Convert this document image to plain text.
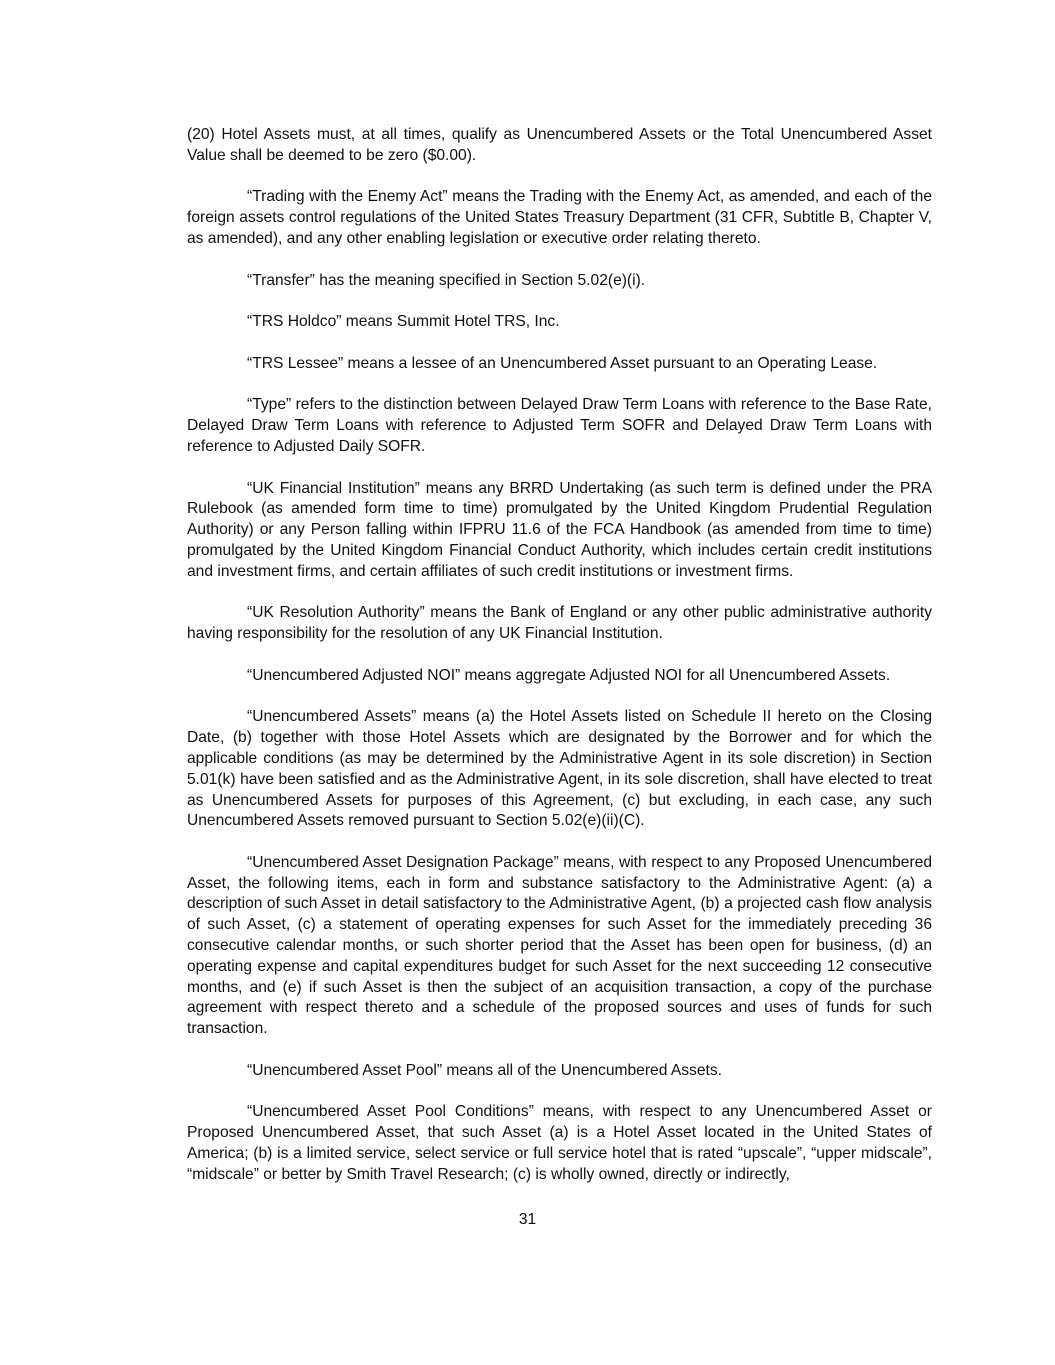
(20) Hotel Assets must, at all times, qualify as Unencumbered Assets or the Total Unencumbered Asset Value shall be deemed to be zero ($0.00).

“Trading with the Enemy Act” means the Trading with the Enemy Act, as amended, and each of the foreign assets control regulations of the United States Treasury Department (31 CFR, Subtitle B, Chapter V, as amended), and any other enabling legislation or executive order relating thereto.

“Transfer” has the meaning specified in Section 5.02(e)(i).

“TRS Holdco” means Summit Hotel TRS, Inc.

“TRS Lessee” means a lessee of an Unencumbered Asset pursuant to an Operating Lease.

“Type” refers to the distinction between Delayed Draw Term Loans with reference to the Base Rate, Delayed Draw Term Loans with reference to Adjusted Term SOFR and Delayed Draw Term Loans with reference to Adjusted Daily SOFR.

“UK Financial Institution” means any BRRD Undertaking (as such term is defined under the PRA Rulebook (as amended form time to time) promulgated by the United Kingdom Prudential Regulation Authority) or any Person falling within IFPRU 11.6 of the FCA Handbook (as amended from time to time) promulgated by the United Kingdom Financial Conduct Authority, which includes certain credit institutions and investment firms, and certain affiliates of such credit institutions or investment firms.

“UK Resolution Authority” means the Bank of England or any other public administrative authority having responsibility for the resolution of any UK Financial Institution.

“Unencumbered Adjusted NOI” means aggregate Adjusted NOI for all Unencumbered Assets.

“Unencumbered Assets” means (a) the Hotel Assets listed on Schedule II hereto on the Closing Date, (b) together with those Hotel Assets which are designated by the Borrower and for which the applicable conditions (as may be determined by the Administrative Agent in its sole discretion) in Section 5.01(k) have been satisfied and as the Administrative Agent, in its sole discretion, shall have elected to treat as Unencumbered Assets for purposes of this Agreement, (c) but excluding, in each case, any such Unencumbered Assets removed pursuant to Section 5.02(e)(ii)(C).

“Unencumbered Asset Designation Package” means, with respect to any Proposed Unencumbered Asset, the following items, each in form and substance satisfactory to the Administrative Agent: (a) a description of such Asset in detail satisfactory to the Administrative Agent, (b) a projected cash flow analysis of such Asset, (c) a statement of operating expenses for such Asset for the immediately preceding 36 consecutive calendar months, or such shorter period that the Asset has been open for business, (d) an operating expense and capital expenditures budget for such Asset for the next succeeding 12 consecutive months, and (e) if such Asset is then the subject of an acquisition transaction, a copy of the purchase agreement with respect thereto and a schedule of the proposed sources and uses of funds for such transaction.

“Unencumbered Asset Pool” means all of the Unencumbered Assets.

“Unencumbered Asset Pool Conditions” means, with respect to any Unencumbered Asset or Proposed Unencumbered Asset, that such Asset (a) is a Hotel Asset located in the United States of America; (b) is a limited service, select service or full service hotel that is rated “upscale”, “upper midscale”, “midscale” or better by Smith Travel Research; (c) is wholly owned, directly or indirectly,

31
